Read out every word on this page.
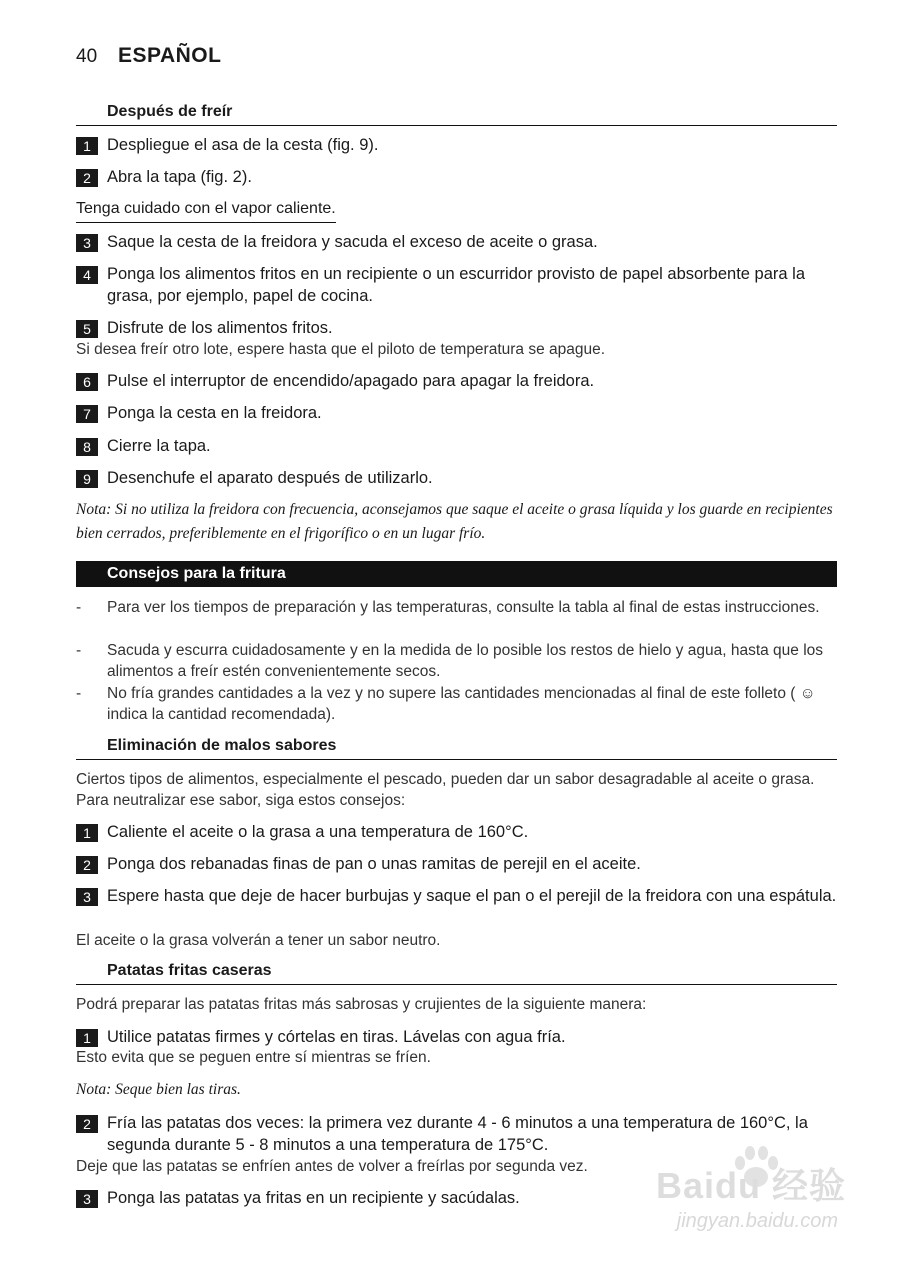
40 ESPAÑOL
Después de freír
1 Despliegue el asa de la cesta (fig. 9).
2 Abra la tapa (fig. 2).
Tenga cuidado con el vapor caliente.
3 Saque la cesta de la freidora y sacuda el exceso de aceite o grasa.
4 Ponga los alimentos fritos en un recipiente o un escurridor provisto de papel absorbente para la grasa, por ejemplo, papel de cocina.
5 Disfrute de los alimentos fritos.
Si desea freír otro lote, espere hasta que el piloto de temperatura se apague.
6 Pulse el interruptor de encendido/apagado para apagar la freidora.
7 Ponga la cesta en la freidora.
8 Cierre la tapa.
9 Desenchufe el aparato después de utilizarlo.
Nota: Si no utiliza la freidora con frecuencia, aconsejamos que saque el aceite o grasa líquida y los guarde en recipientes bien cerrados, preferiblemente en el frigorífico o en un lugar frío.
Consejos para la fritura
- Para ver los tiempos de preparación y las temperaturas, consulte la tabla al final de estas instrucciones.
- Sacuda y escurra cuidadosamente y en la medida de lo posible los restos de hielo y agua, hasta que los alimentos a freír estén convenientemente secos.
- No fría grandes cantidades a la vez y no supere las cantidades mencionadas al final de este folleto ( ☺ indica la cantidad recomendada).
Eliminación de malos sabores
Ciertos tipos de alimentos, especialmente el pescado, pueden dar un sabor desagradable al aceite o grasa. Para neutralizar ese sabor, siga estos consejos:
1 Caliente el aceite o la grasa a una temperatura de 160°C.
2 Ponga dos rebanadas finas de pan o unas ramitas de perejil en el aceite.
3 Espere hasta que deje de hacer burbujas y saque el pan o el perejil de la freidora con una espátula.
El aceite o la grasa volverán a tener un sabor neutro.
Patatas fritas caseras
Podrá preparar las patatas fritas más sabrosas y crujientes de la siguiente manera:
1 Utilice patatas firmes y córtelas en tiras. Lávelas con agua fría.
Esto evita que se peguen entre sí mientras se fríen.
Nota: Seque bien las tiras.
2 Fría las patatas dos veces: la primera vez durante 4 - 6 minutos a una temperatura de 160°C, la segunda durante 5 - 8 minutos a una temperatura de 175°C.
Deje que las patatas se enfríen antes de volver a freírlas por segunda vez.
3 Ponga las patatas ya fritas en un recipiente y sacúdalas.	Baidu 经验
jingyan.baidu.com
